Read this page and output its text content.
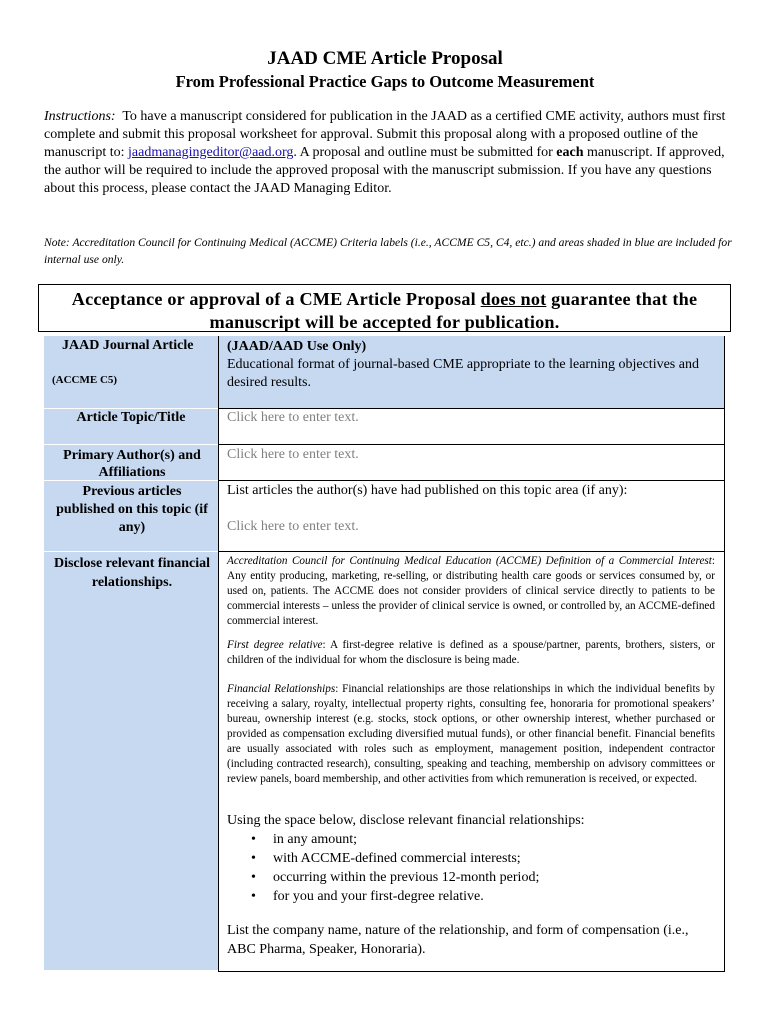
JAAD CME Article Proposal
From Professional Practice Gaps to Outcome Measurement
Instructions: To have a manuscript considered for publication in the JAAD as a certified CME activity, authors must first complete and submit this proposal worksheet for approval. Submit this proposal along with a proposed outline of the manuscript to: jaadmanagingeditor@aad.org. A proposal and outline must be submitted for each manuscript. If approved, the author will be required to include the approved proposal with the manuscript submission. If you have any questions about this process, please contact the JAAD Managing Editor.
Note: Accreditation Council for Continuing Medical (ACCME) Criteria labels (i.e., ACCME C5, C4, etc.) and areas shaded in blue are included for internal use only.
Acceptance or approval of a CME Article Proposal does not guarantee that the manuscript will be accepted for publication.
JAAD Journal Article
(ACCME C5)
(JAAD/AAD Use Only)
Educational format of journal-based CME appropriate to the learning objectives and desired results.
Article Topic/Title	Click here to enter text.
Primary Author(s) and Affiliations
Click here to enter text.
Previous articles published on this topic (if any)
List articles the author(s) have had published on this topic area (if any):
Click here to enter text.
Disclose relevant financial relationships.
Accreditation Council for Continuing Medical Education (ACCME) Definition of a Commercial Interest: Any entity producing, marketing, re-selling, or distributing health care goods or services consumed by, or used on, patients. The ACCME does not consider providers of clinical service directly to patients to be commercial interests – unless the provider of clinical service is owned, or controlled by, an ACCME-defined commercial interest.
First degree relative: A first-degree relative is defined as a spouse/partner, parents, brothers, sisters, or children of the individual for whom the disclosure is being made.
Financial Relationships: Financial relationships are those relationships in which the individual benefits by receiving a salary, royalty, intellectual property rights, consulting fee, honoraria for promotional speakers’ bureau, ownership interest (e.g. stocks, stock options, or other ownership interest, whether purchased or provided as compensation excluding diversified mutual funds), or other financial benefit. Financial benefits are usually associated with roles such as employment, management position, independent contractor (including contracted research), consulting, speaking and teaching, membership on advisory committees or review panels, board membership, and other activities from which remuneration is received, or expected.
Using the space below, disclose relevant financial relationships:
• in any amount;
• with ACCME-defined commercial interests;
• occurring within the previous 12-month period;
• for you and your first-degree relative.
List the company name, nature of the relationship, and form of compensation (i.e., ABC Pharma, Speaker, Honoraria).
